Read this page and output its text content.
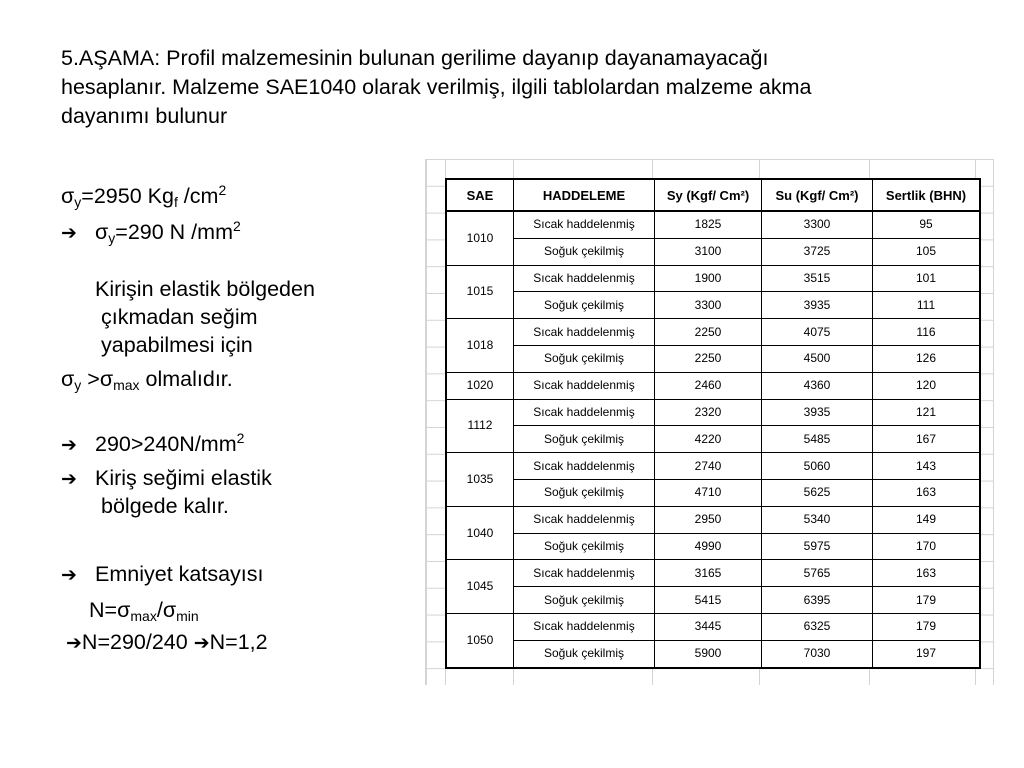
5.AŞAMA: Profil malzemesinin bulunan gerilime dayanıp dayanamayacağı
hesaplanır. Malzeme SAE1040 olarak verilmiş, ilgili tablolardan malzeme akma
dayanımı bulunur
$\sigma_y=2950$ $Kg_f$ $/cm^2$
➔ $\sigma_y=290$ N $/mm^2$
Kirişin elastik bölgeden
çıkmadan seğim
yapabilmesi için
$\sigma_y >\sigma_{max}$ olmalıdır.
➔ $290>240N/mm^2$
➔ Kiriş seğimi elastik
bölgede kalır.
➔ Emniyet katsayısı
$N=\sigma_{max}/\sigma_{min}$
➔N=290/240 ➔N=1,2
SAE	HADDELEME	Sy (Kgf/ Cm²)	Su (Kgf/ Cm²)	Sertlik (BHN)
1010	Sıcak haddelenmiş	1825	3300	95
	Soğuk çekilmiş	3100	3725	105
1015	Sıcak haddelenmiş	1900	3515	101
	Soğuk çekilmiş	3300	3935	111
1018	Sıcak haddelenmiş	2250	4075	116
	Soğuk çekilmiş	2250	4500	126
1020	Sıcak haddelenmiş	2460	4360	120
1112	Sıcak haddelenmiş	2320	3935	121
	Soğuk çekilmiş	4220	5485	167
1035	Sıcak haddelenmiş	2740	5060	143
	Soğuk çekilmiş	4710	5625	163
1040	Sıcak haddelenmiş	2950	5340	149
	Soğuk çekilmiş	4990	5975	170
1045	Sıcak haddelenmiş	3165	5765	163
	Soğuk çekilmiş	5415	6395	179
1050	Sıcak haddelenmiş	3445	6325	179
	Soğuk çekilmiş	5900	7030	197
